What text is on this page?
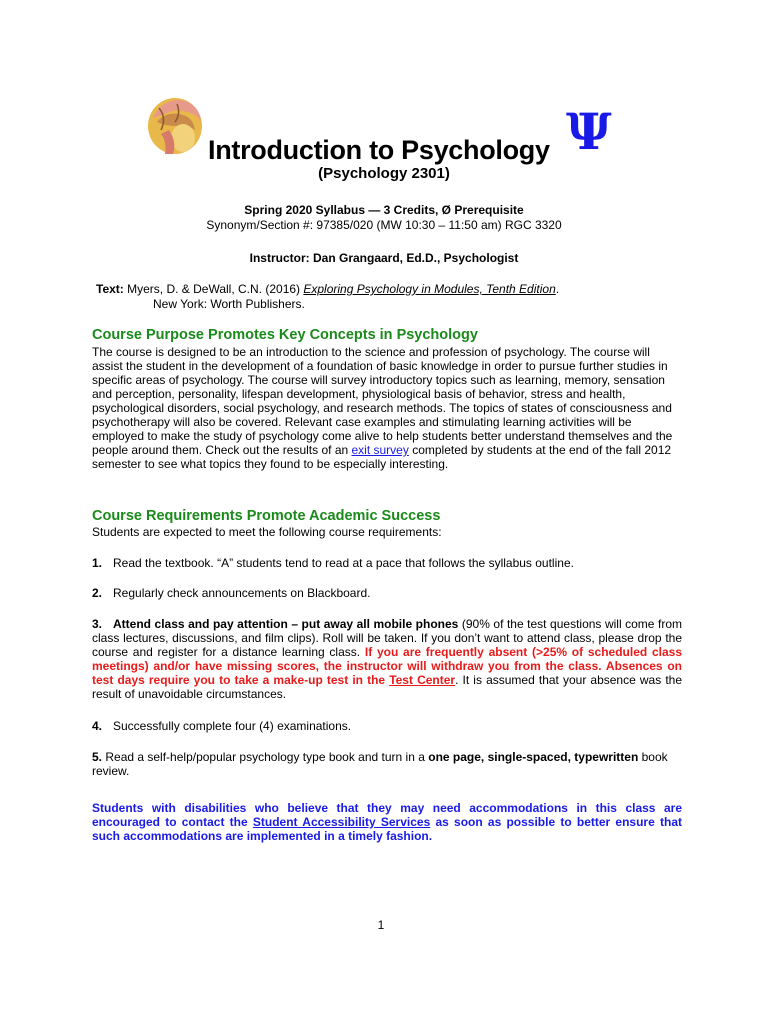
Introduction to Psychology Ψ
(Psychology 2301)
Spring 2020 Syllabus — 3 Credits, Ø Prerequisite
Synonym/Section #: 97385/020 (MW 10:30 – 11:50 am) RGC 3320
Instructor: Dan Grangaard, Ed.D., Psychologist
Text: Myers, D. & DeWall, C.N. (2016) Exploring Psychology in Modules, Tenth Edition.
New York: Worth Publishers.
Course Purpose Promotes Key Concepts in Psychology
The course is designed to be an introduction to the science and profession of psychology. The course will assist the student in the development of a foundation of basic knowledge in order to pursue further studies in specific areas of psychology. The course will survey introductory topics such as learning, memory, sensation and perception, personality, lifespan development, physiological basis of behavior, stress and health, psychological disorders, social psychology, and research methods. The topics of states of consciousness and psychotherapy will also be covered. Relevant case examples and stimulating learning activities will be employed to make the study of psychology come alive to help students better understand themselves and the people around them. Check out the results of an exit survey completed by students at the end of the fall 2012 semester to see what topics they found to be especially interesting.
Course Requirements Promote Academic Success
Students are expected to meet the following course requirements:
1. Read the textbook. “A” students tend to read at a pace that follows the syllabus outline.
2. Regularly check announcements on Blackboard.
3. Attend class and pay attention – put away all mobile phones (90% of the test questions will come from class lectures, discussions, and film clips). Roll will be taken. If you don’t want to attend class, please drop the course and register for a distance learning class. If you are frequently absent (>25% of scheduled class meetings) and/or have missing scores, the instructor will withdraw you from the class. Absences on test days require you to take a make-up test in the Test Center. It is assumed that your absence was the result of unavoidable circumstances.
4. Successfully complete four (4) examinations.
5. Read a self-help/popular psychology type book and turn in a one page, single-spaced, typewritten book review.
Students with disabilities who believe that they may need accommodations in this class are encouraged to contact the Student Accessibility Services as soon as possible to better ensure that such accommodations are implemented in a timely fashion.
1
